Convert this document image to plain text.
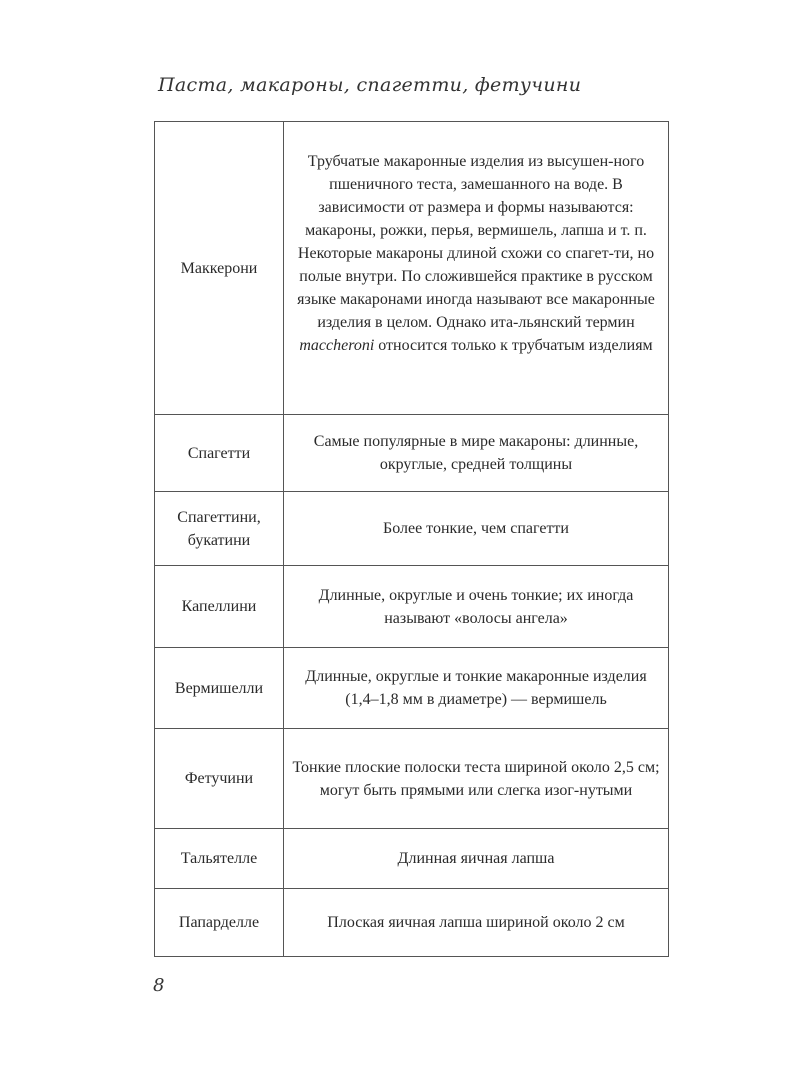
Паста, макароны, спагетти, фетучини
Маккерони	Трубчатые макаронные изделия из высушен-ного пшеничного теста, замешанного на воде. В зависимости от размера и формы называются: макароны, рожки, перья, вермишель, лапша и т. п. Некоторые макароны длиной схожи со спагет-ти, но полые внутри. По сложившейся практике в русском языке макаронами иногда называют все макаронные изделия в целом. Однако ита-льянский термин maccheroni относится только к трубчатым изделиям
Спагетти	Самые популярные в мире макароны: длинные, округлые, средней толщины
Спагеттини, букатини	Более тонкие, чем спагетти
Капеллини	Длинные, округлые и очень тонкие; их иногда называют «волосы ангела»
Вермишелли	Длинные, округлые и тонкие макаронные изделия (1,4–1,8 мм в диаметре) — вермишель
Фетучини	Тонкие плоские полоски теста шириной около 2,5 см; могут быть прямыми или слегка изог-нутыми
Тальятелле	Длинная яичная лапша
Папарделле	Плоская яичная лапша шириной около 2 см
8
